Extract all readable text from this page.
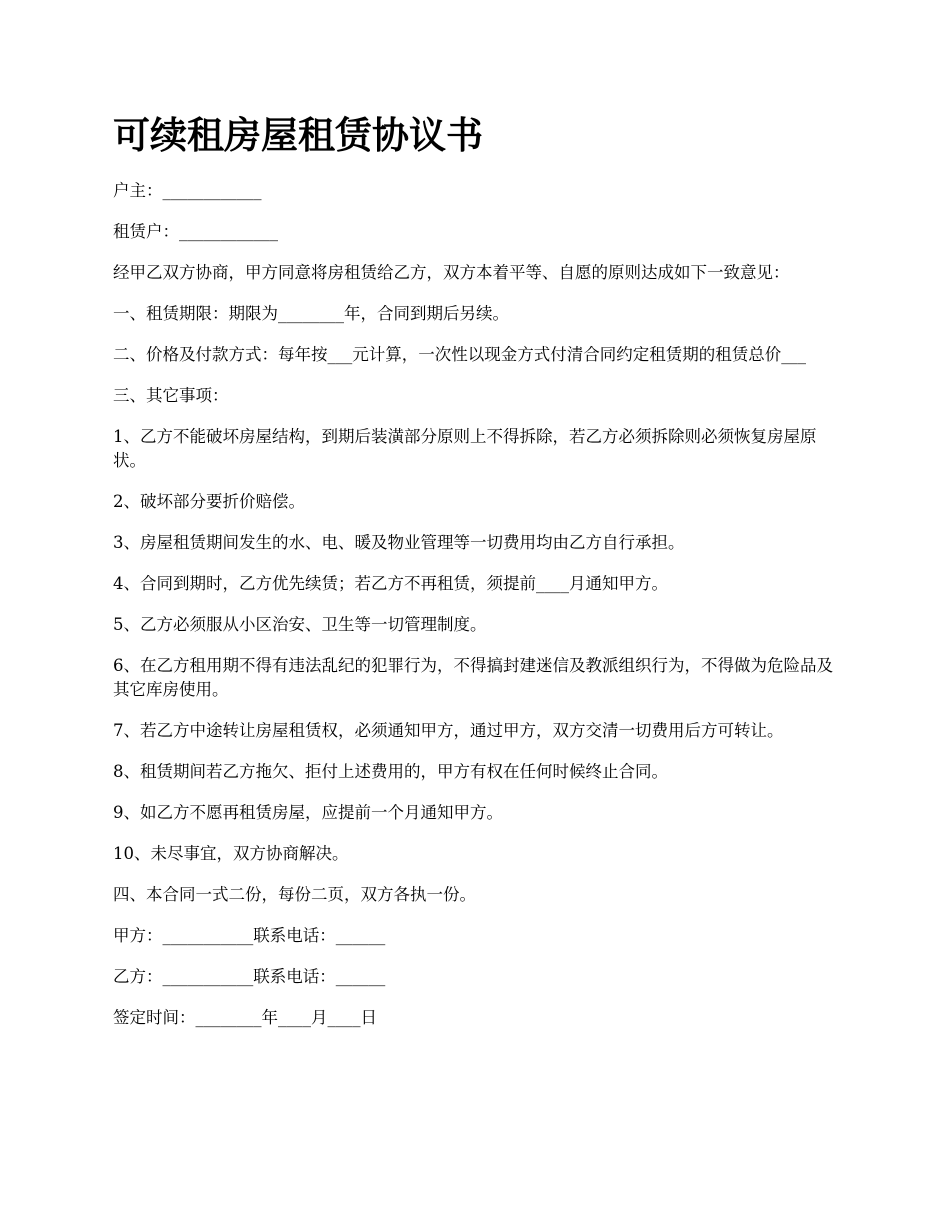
可续租房屋租赁协议书

户主：____________

租赁户：____________

经甲乙双方协商，甲方同意将房租赁给乙方，双方本着平等、自愿的原则达成如下一致意见：

一、租赁期限：期限为________年，合同到期后另续。

二、价格及付款方式：每年按___元计算，一次性以现金方式付清合同约定租赁期的租赁总价___

三、其它事项：

1、乙方不能破坏房屋结构，到期后装潢部分原则上不得拆除，若乙方必须拆除则必须恢复房屋原状。

2、破坏部分要折价赔偿。

3、房屋租赁期间发生的水、电、暖及物业管理等一切费用均由乙方自行承担。

4、合同到期时，乙方优先续赁；若乙方不再租赁，须提前____月通知甲方。

5、乙方必须服从小区治安、卫生等一切管理制度。

6、在乙方租用期不得有违法乱纪的犯罪行为，不得搞封建迷信及教派组织行为，不得做为危险品及其它库房使用。

7、若乙方中途转让房屋租赁权，必须通知甲方，通过甲方，双方交清一切费用后方可转让。

8、租赁期间若乙方拖欠、拒付上述费用的，甲方有权在任何时候终止合同。

9、如乙方不愿再租赁房屋，应提前一个月通知甲方。

10、未尽事宜，双方协商解决。

四、本合同一式二份，每份二页，双方各执一份。

甲方：___________联系电话：______

乙方：___________联系电话：______

签定时间：________年____月____日
